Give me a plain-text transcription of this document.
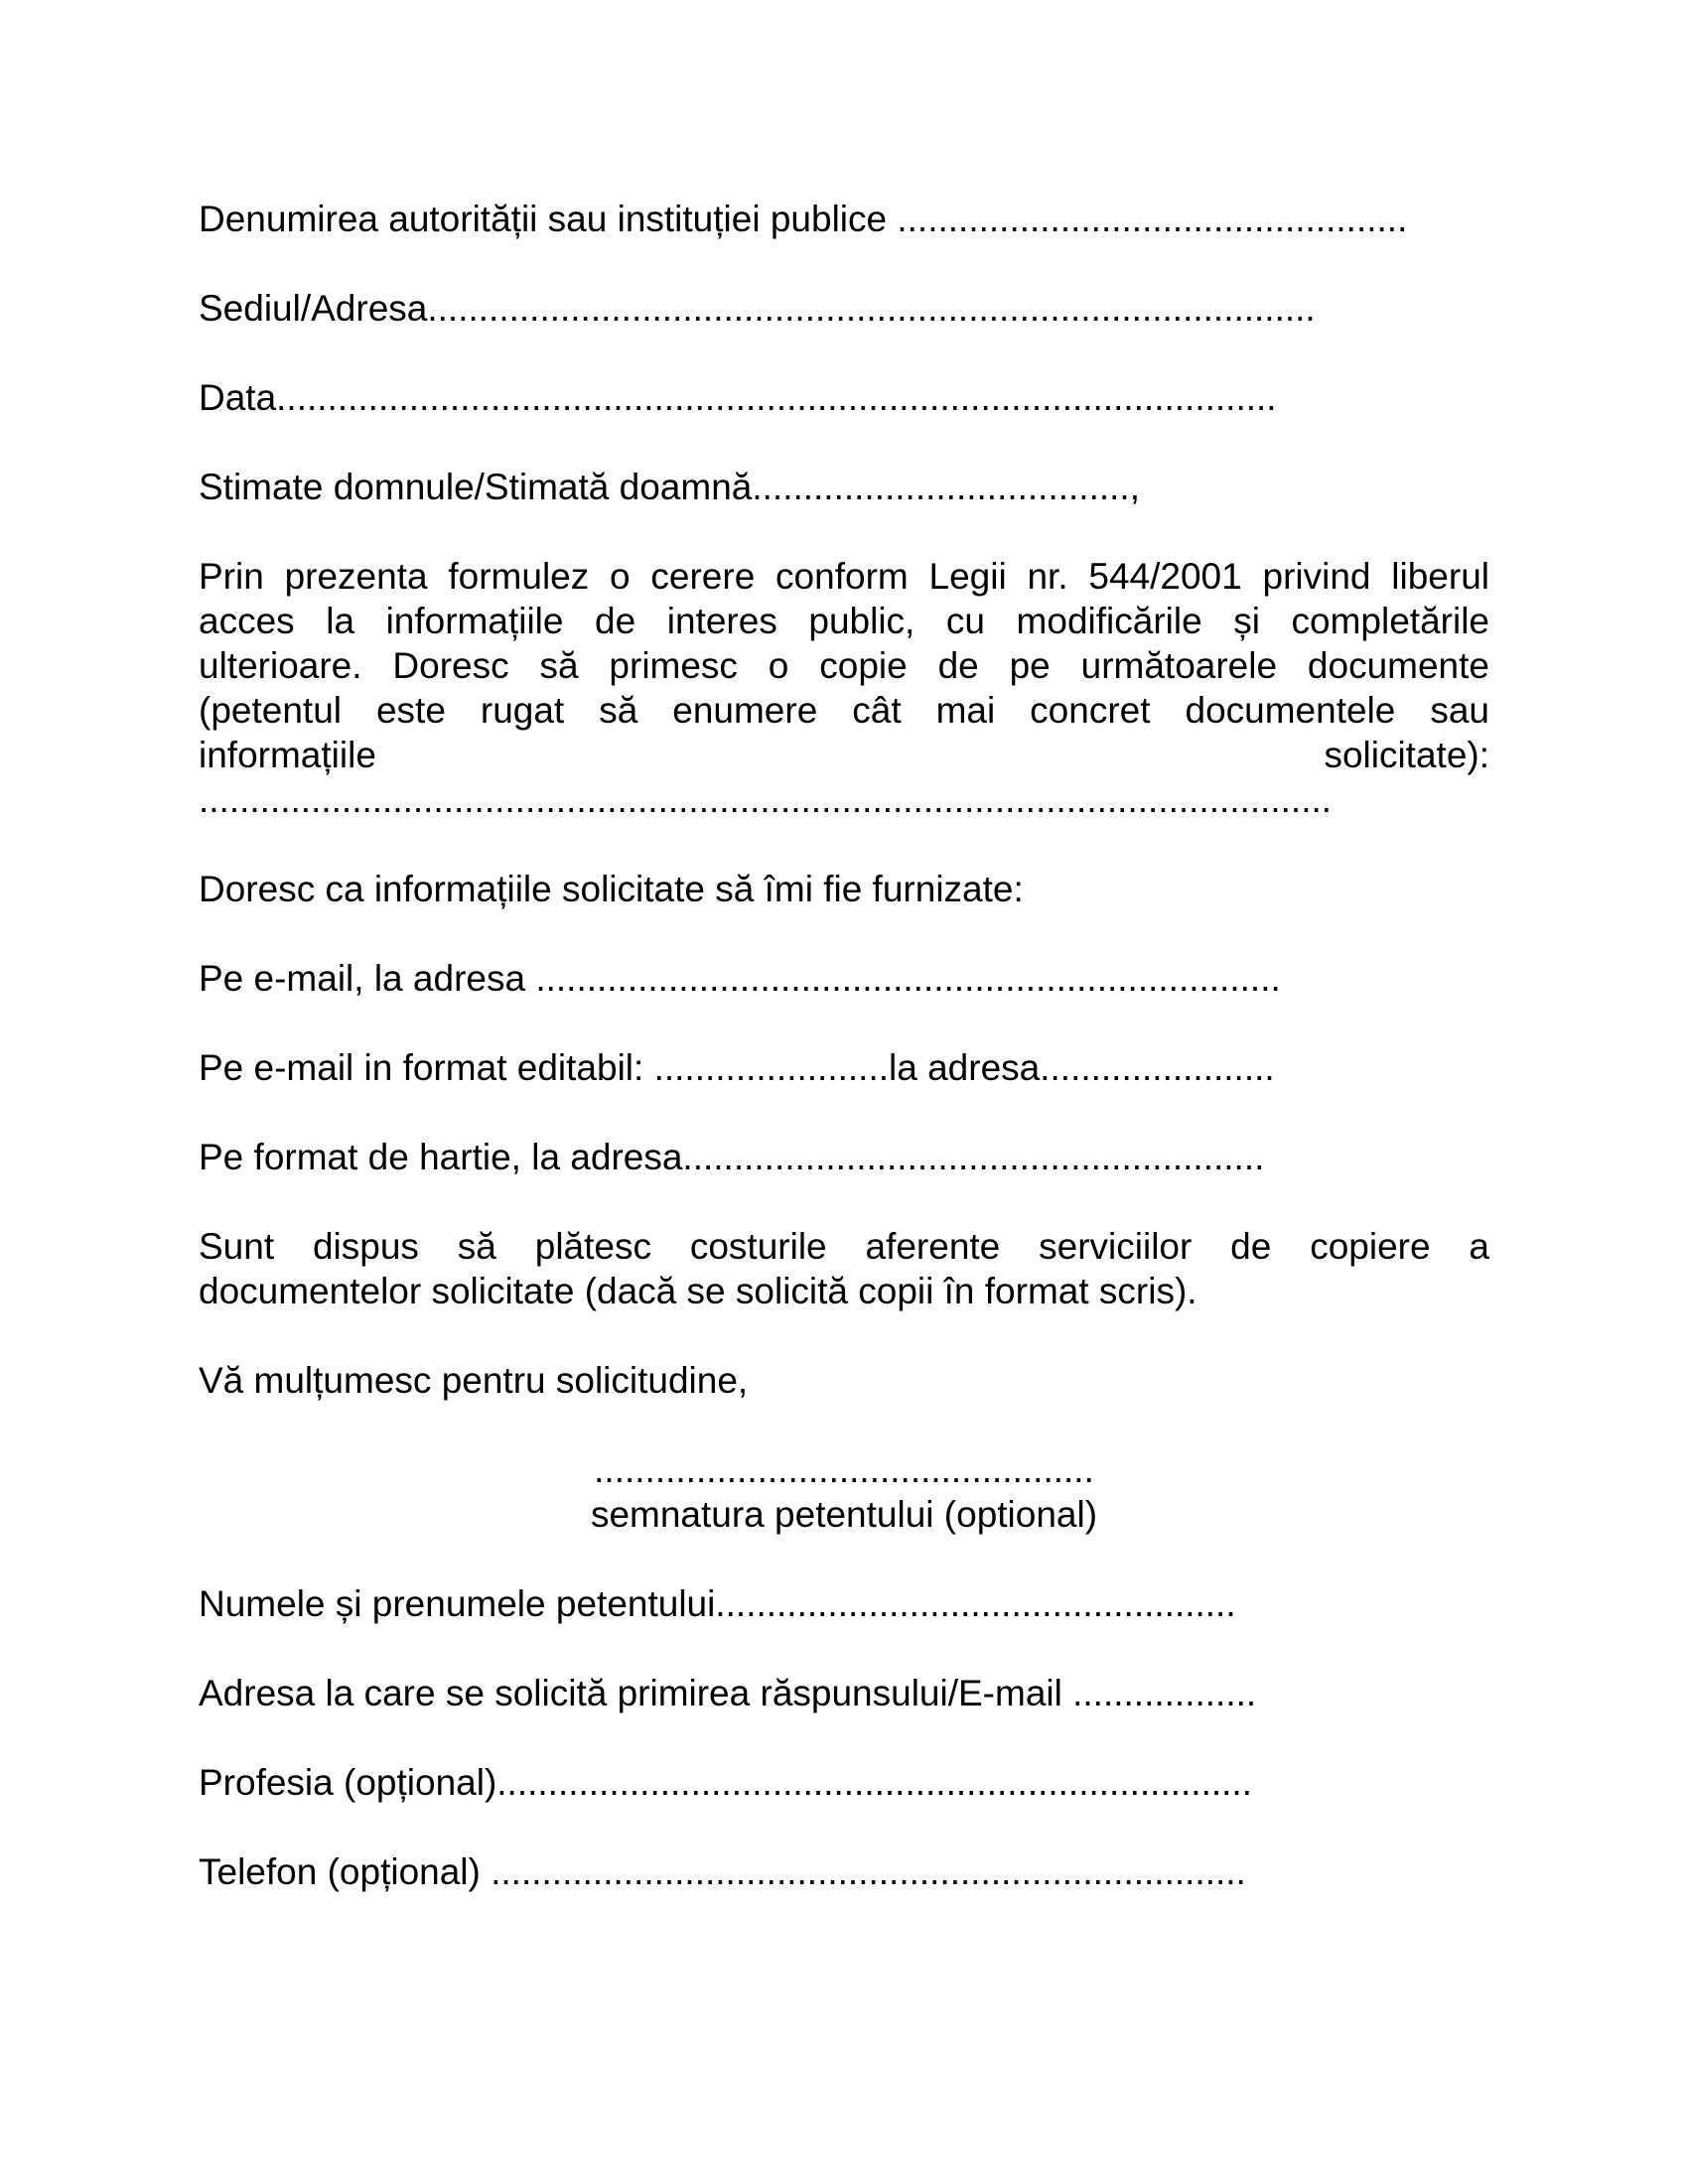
Denumirea autorității sau instituției publice ..................................................
Sediul/Adresa.......................................................................................
Data..................................................................................................
Stimate domnule/Stimată doamnă.....................................,
Prin prezenta formulez o cerere conform Legii nr. 544/2001 privind liberul
acces la informațiile de interes public, cu modificările și completările
ulterioare. Doresc să primesc o copie de pe următoarele documente
(petentul este rugat să enumere cât mai concret documentele sau
informațiile	solicitate):
...............................................................................................................
Doresc ca informațiile solicitate să îmi fie furnizate:
Pe e-mail, la adresa .........................................................................
Pe e-mail in format editabil: .......................la adresa.......................
Pe format de hartie, la adresa.........................................................
Sunt dispus să plătesc costurile aferente serviciilor de copiere a
documentelor solicitate (dacă se solicită copii în format scris).
Vă mulțumesc pentru solicitudine,
.................................................
semnatura petentului (optional)
Numele și prenumele petentului...................................................
Adresa la care se solicită primirea răspunsului/E-mail ..................
Profesia (opțional)..........................................................................
Telefon (opțional) ..........................................................................
